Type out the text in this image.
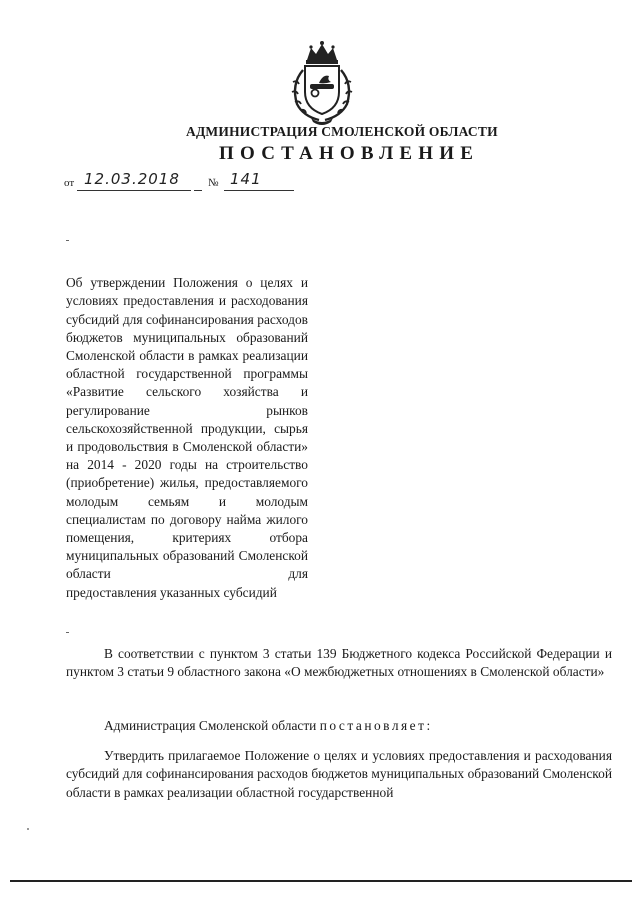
АДМИНИСТРАЦИЯ СМОЛЕНСКОЙ ОБЛАСТИ
ПОСТАНОВЛЕНИЕ
от 12.03.2018	№ 141

Об утверждении Положения о целях и условиях предоставления и расходования субсидий для софинансирования расходов бюджетов муниципальных образований Смоленской области в рамках реализации областной государственной программы «Развитие сельского хозяйства и регулирование рынков сельскохозяйственной продукции, сырья и продовольствия в Смоленской области» на 2014 - 2020 годы на строительство (приобретение) жилья, предоставляемого молодым семьям и молодым специалистам по договору найма жилого помещения, критериях отбора муниципальных образований Смоленской области для

предоставления указанных субсидий

В соответствии с пунктом 3 статьи 139 Бюджетного кодекса Российской Федерации и пунктом 3 статьи 9 областного закона «О межбюджетных отношениях в Смоленской области»
Администрация Смоленской области постановляет:
Утвердить прилагаемое Положение о целях и условиях предоставления и расходования субсидий для софинансирования расходов бюджетов муниципальных образований Смоленской области в рамках реализации областной государственной
